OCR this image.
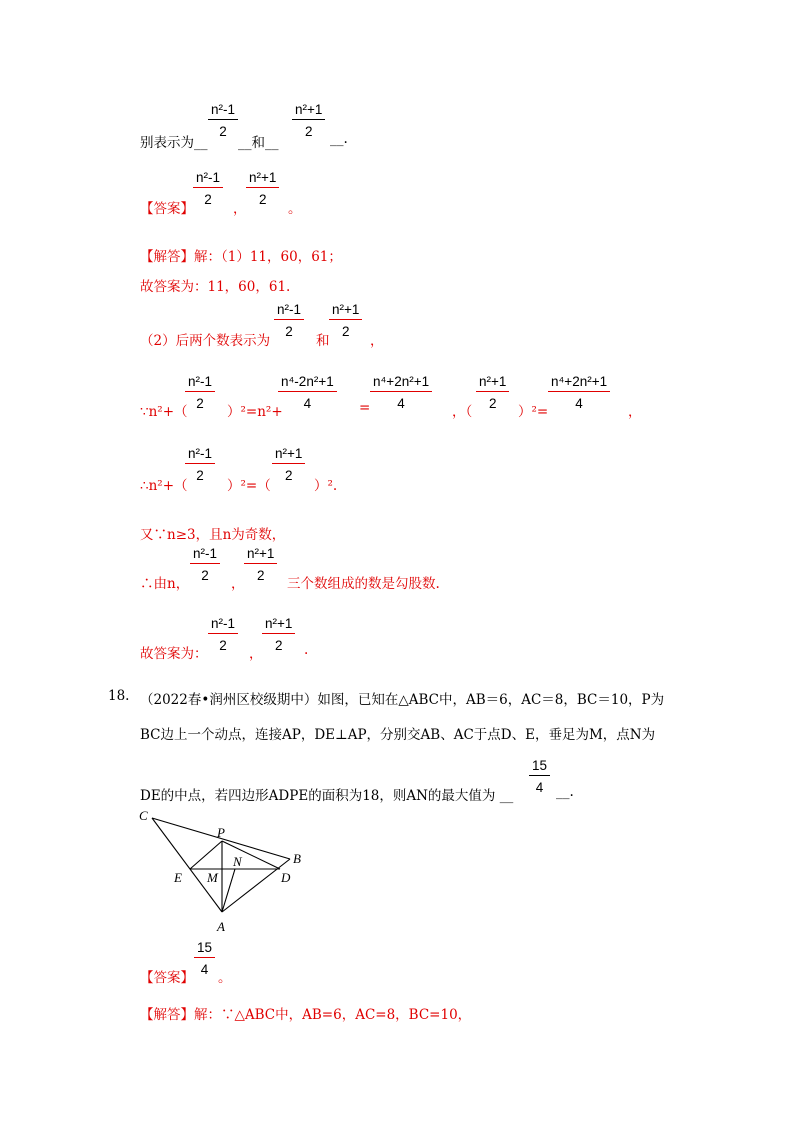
$\frac{\text{n²-1}}{2}$	$\frac{\text{n²+1}}{2}$
别表示为__ __和__	__.
【答案】
$\frac{\text{n²-1}}{2}$
，
$\frac{\text{n²+1}}{2}$
。
【解答】解：（1）11，60，61；
故答案为：11，60，61.
（2）后两个数表示为
$\frac{\text{n²-1}}{2}$
和
$\frac{\text{n²+1}}{2}$
，
∵n²+（
$\frac{\text{n²-1}}{2}$
）²=n²+
$\frac{\text{n⁴-2n²+1}}{4} = \frac{\text{n⁴+2n²+1}}{4}$
，（
$\frac{\text{n²+1}}{2}$
）²=
$\frac{\text{n⁴+2n²+1}}{4}$
，
∴n²+（
$\frac{\text{n²-1}}{2}$
）²=（
$\frac{\text{n²+1}}{2}$
）².
又∵n≥3，且n为奇数，
∴由n，
$\frac{\text{n²-1}}{2}$
，
$\frac{\text{n²+1}}{2}$
三个数组成的数是勾股数.
故答案为：
$\frac{\text{n²-1}}{2}$
，
$\frac{\text{n²+1}}{2}$ .
18. （2022春•润州区校级期中）如图，已知在△ABC中，AB＝6，AC＝8，BC＝10，P为
BC边上一个动点，连接AP，DE⊥AP，分别交AB、AC于点D、E，垂足为M，点N为
DE的中点，若四边形ADPE的面积为18，则AN的最大值为 __
$\frac{15}{4}$ __.
C
P
B
N
E M	D
A
【答案】
$\frac{15}{4}$
。
【解答】解：∵△ABC中，AB=6，AC=8，BC=10，
